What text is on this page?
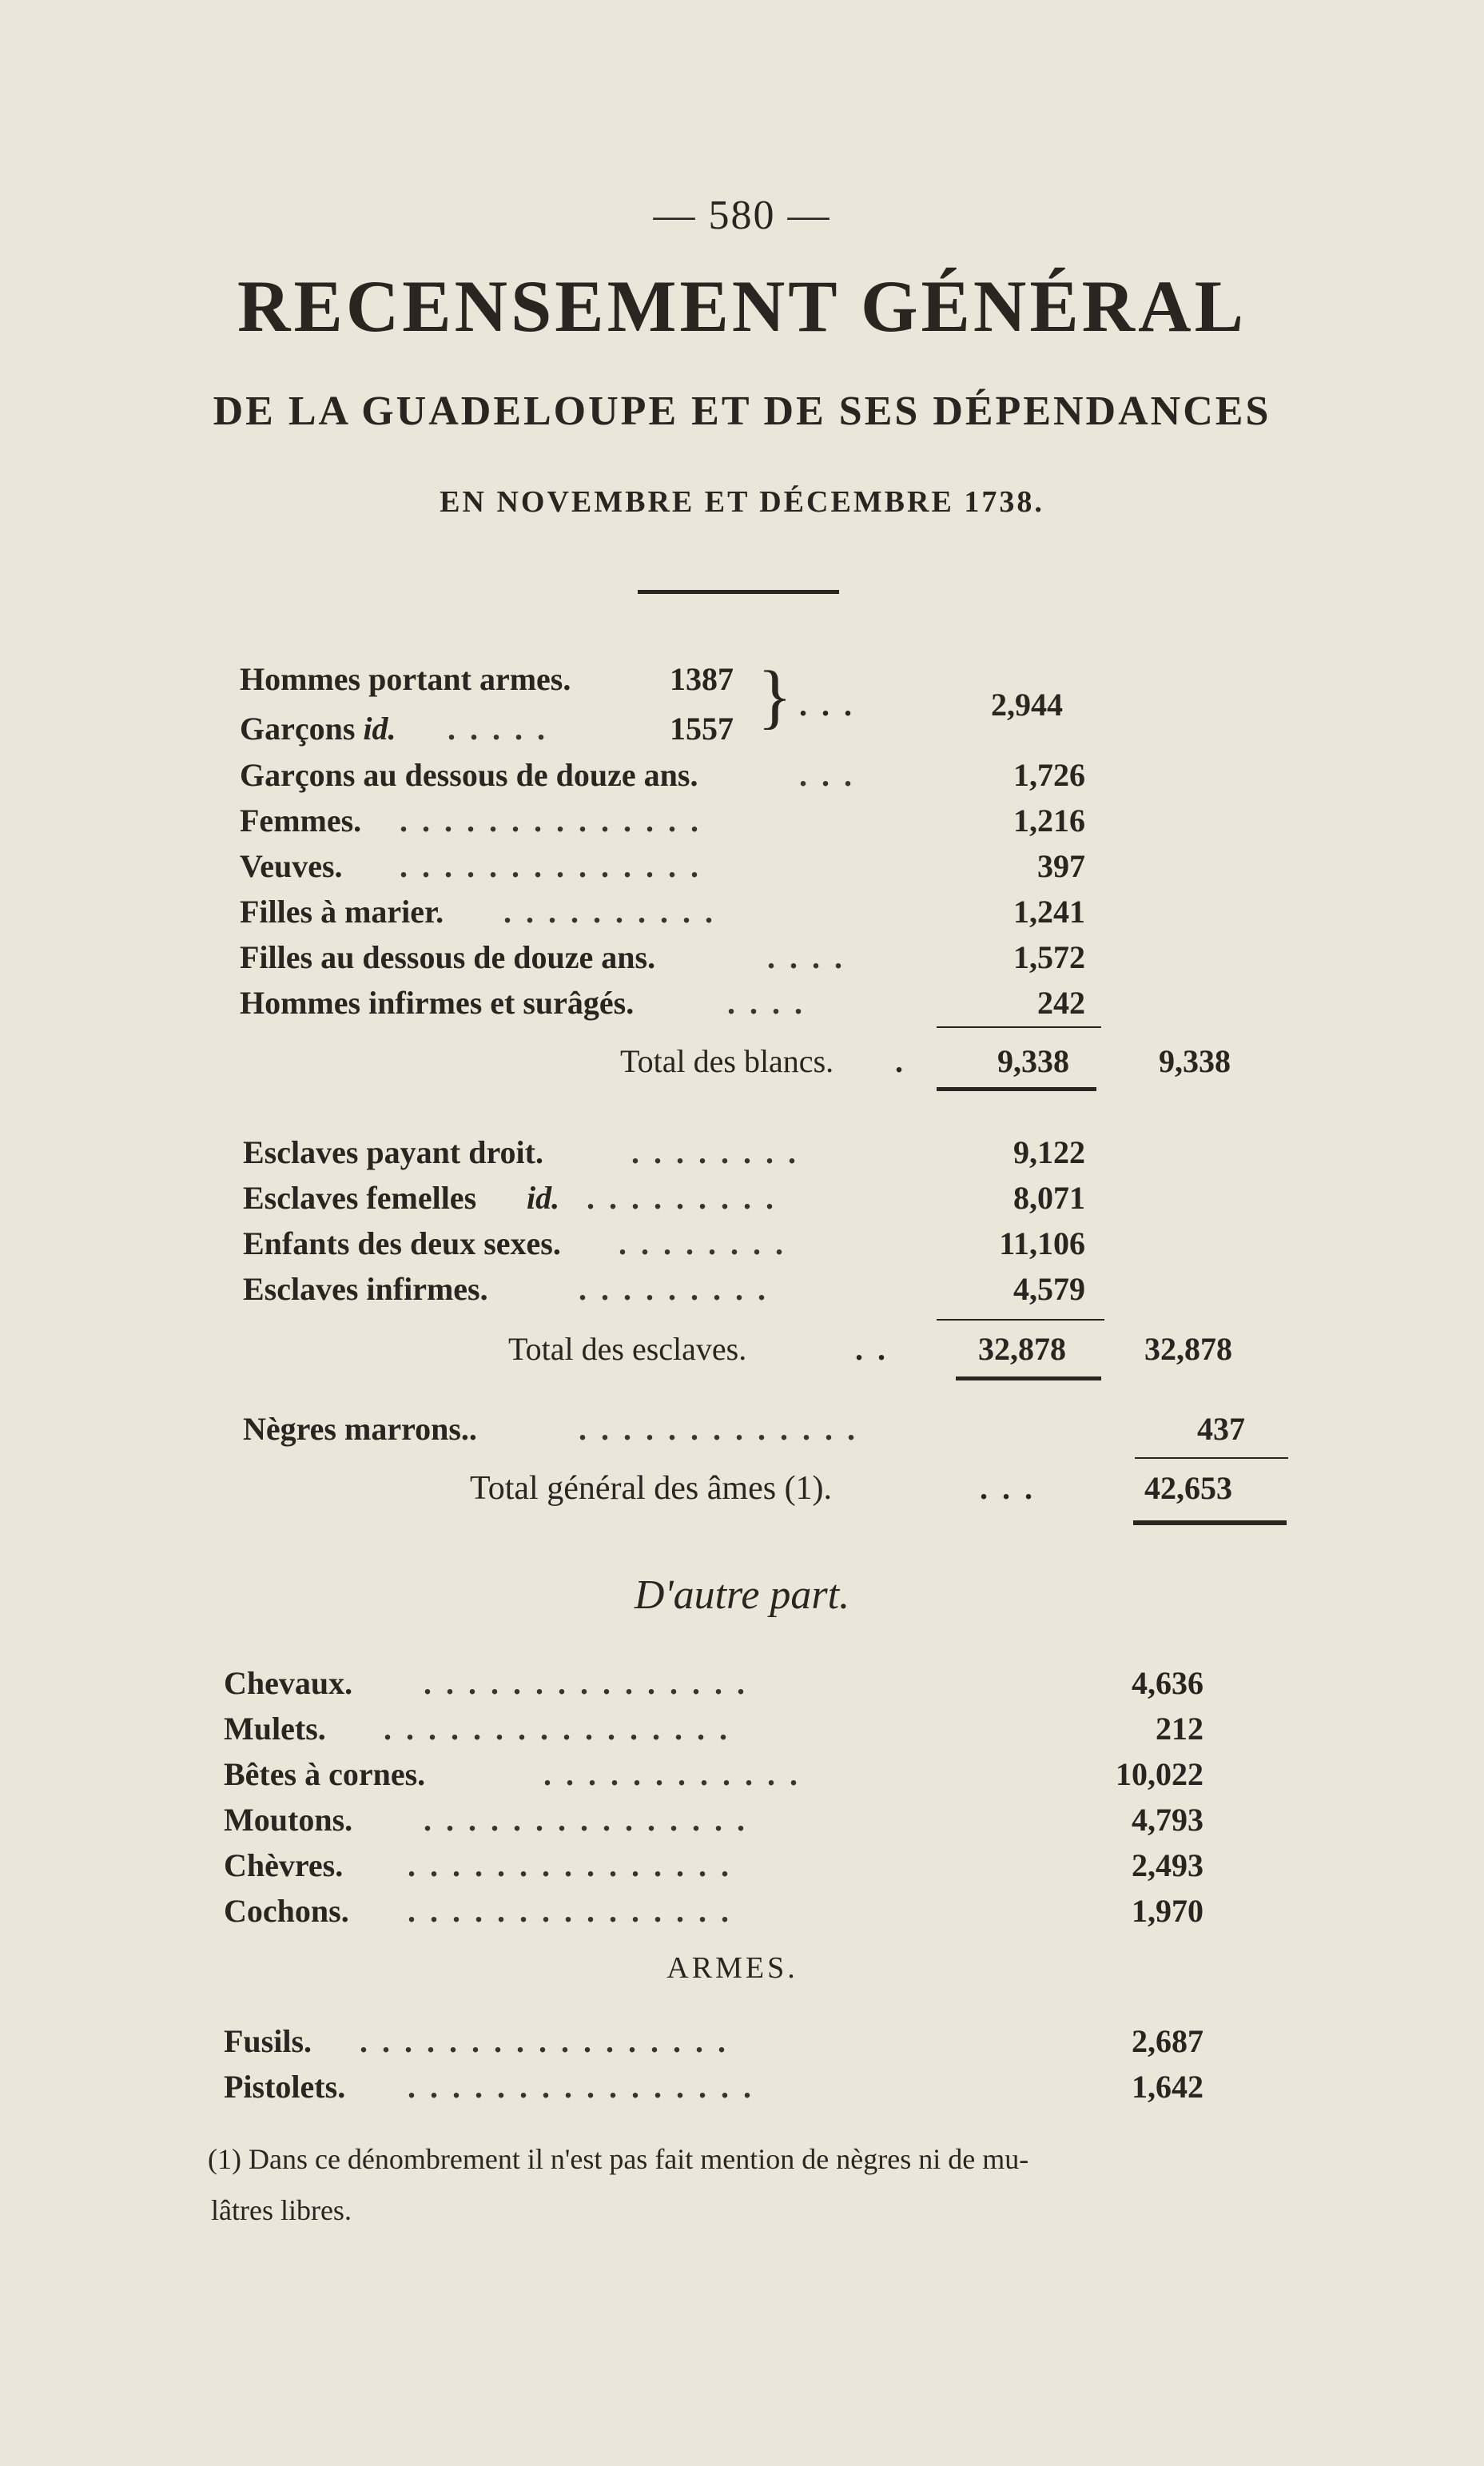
— 580 —
RECENSEMENT GÉNÉRAL
DE LA GUADELOUPE ET DE SES DÉPENDANCES
EN NOVEMBRE ET DÉCEMBRE 1738.
Hommes portant armes.	1387
Garçons id. .....	1557 } ...	2,944
Garçons au dessous de douze ans.	...	1,726
Femmes. ..............	1,216
Veuves. ..............	397
Filles à marier. ..........	1,241
Filles au dessous de douze ans.	....	1,572
Hommes infirmes et surâgés.	....	242
Total des blancs. .	9,338	9,338
Esclaves payant droit.	........	9,122
Esclaves femelles id. .........	8,071
Enfants des deux sexes. ........	11,106
Esclaves infirmes.	.........	4,579
Total des esclaves.	.. 32,878 32,878
Nègres marrons..	.............	437
Total général des âmes (1).	...	42,653
D'autre part.
Chevaux. ...............	4,636
Mulets. ................	212
Bêtes à cornes.	............	10,022
Moutons. ...............	4,793
Chèvres. ...............	2,493
Cochons. ...............	1,970
ARMES.
Fusils. .................	2,687
Pistolets. ................	1,642
(1) Dans ce dénombrement il n'est pas fait mention de nègres ni de mu-
lâtres libres.
